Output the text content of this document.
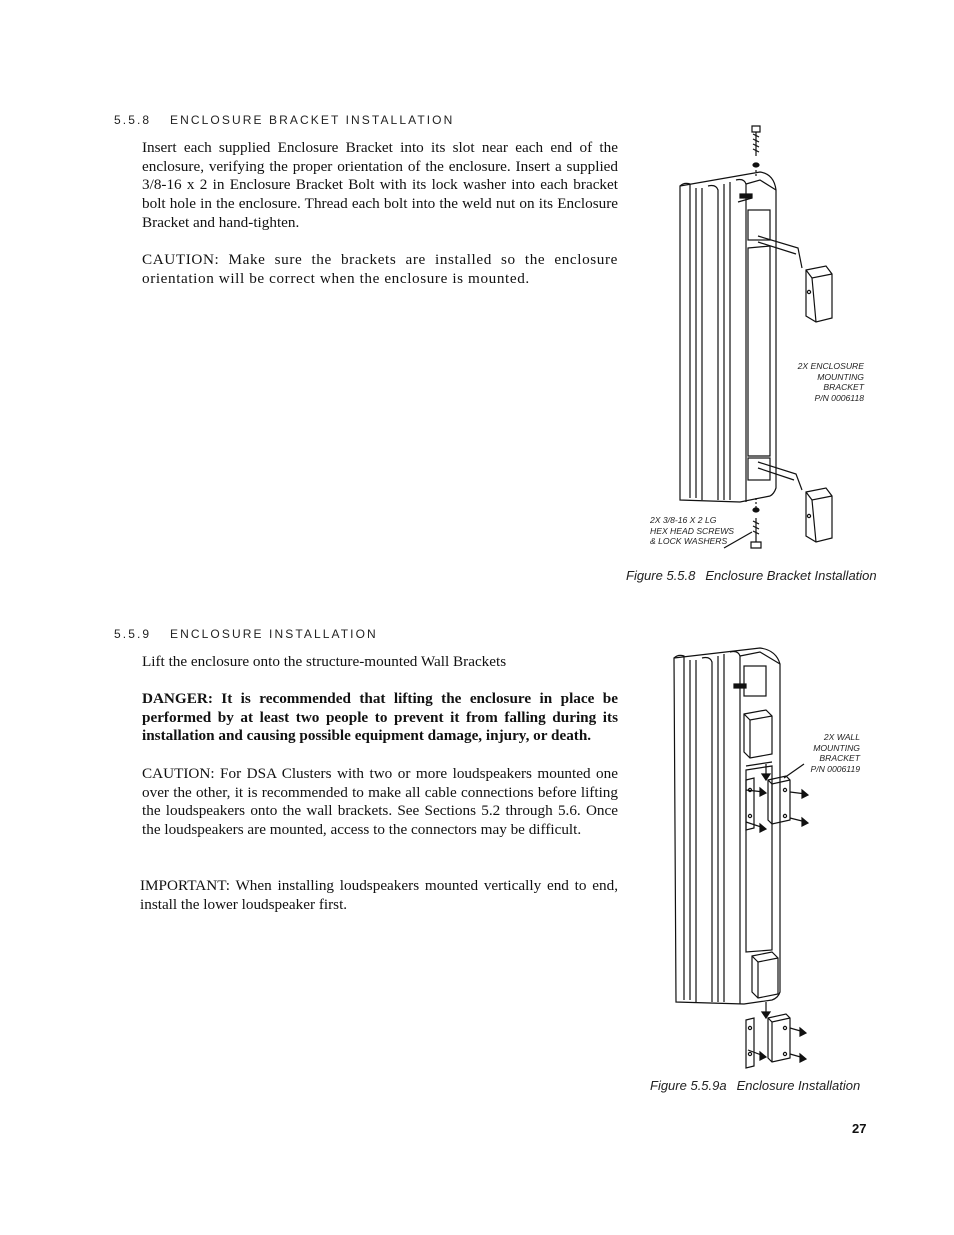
5.5.8 ENCLOSURE BRACKET INSTALLATION

Insert each supplied Enclosure Bracket into its slot near each end of the enclosure, verifying the proper orientation of the enclosure. Insert a supplied 3/8-16 x 2 in Enclosure Bracket Bolt with its lock washer into each bracket bolt hole in the enclosure. Thread each bolt into the weld nut on its Enclosure Bracket and hand-tighten.

CAUTION: Make sure the brackets are installed so the enclosure orientation will be correct when the enclosure is mounted.

2X ENCLOSURE
MOUNTING
BRACKET
P/N 0006118
2X 3/8-16 X 2 LG
HEX HEAD SCREWS
& LOCK WASHERS
Figure 5.5.8 Enclosure Bracket Installation
5.5.9 ENCLOSURE INSTALLATION

Lift the enclosure onto the structure-mounted Wall Brackets

DANGER: It is recommended that lifting the enclosure in place be performed by at least two people to prevent it from falling during its installation and causing possible equipment damage, injury, or death.

CAUTION: For DSA Clusters with two or more loudspeakers mounted one over the other, it is recommended to make all cable connections before lifting the loudspeakers onto the wall brackets. See Sections 5.2 through 5.6. Once the loudspeakers are mounted, access to the connectors may be difficult.

IMPORTANT: When installing loudspeakers mounted vertically end to end, install the lower loudspeaker first.

2X WALL
MOUNTING
BRACKET
P/N 0006119
Figure 5.5.9a Enclosure Installation
27
